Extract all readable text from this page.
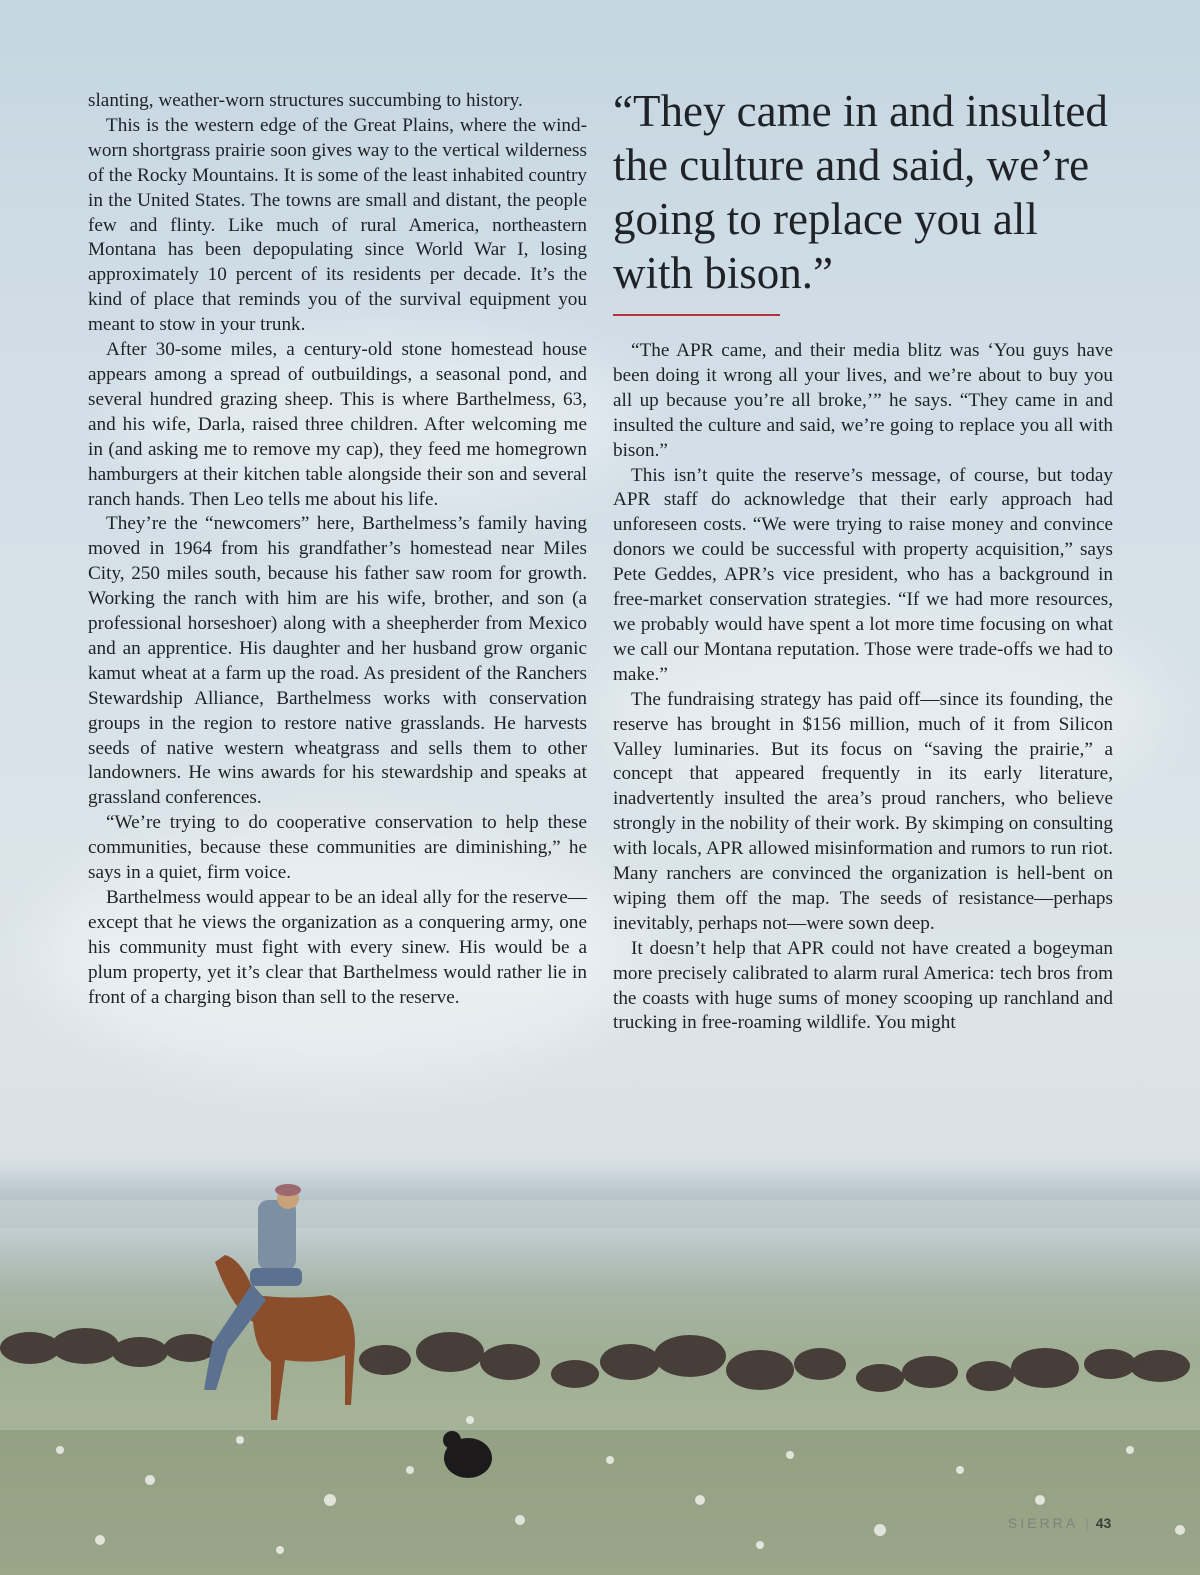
slanting, weather-worn structures succumbing to history.

This is the western edge of the Great Plains, where the wind-worn shortgrass prairie soon gives way to the vertical wilderness of the Rocky Mountains. It is some of the least inhabited country in the United States. The towns are small and distant, the people few and flinty. Like much of rural America, northeastern Montana has been depopulating since World War I, losing approximately 10 percent of its residents per decade. It’s the kind of place that reminds you of the survival equipment you meant to stow in your trunk.

After 30-some miles, a century-old stone homestead house appears among a spread of outbuildings, a seasonal pond, and several hundred grazing sheep. This is where Barthelmess, 63, and his wife, Darla, raised three children. After welcoming me in (and asking me to remove my cap), they feed me homegrown hamburgers at their kitchen table alongside their son and several ranch hands. Then Leo tells me about his life.

They’re the “newcomers” here, Barthelmess’s family having moved in 1964 from his grandfather’s homestead near Miles City, 250 miles south, because his father saw room for growth. Working the ranch with him are his wife, brother, and son (a professional horseshoer) along with a sheepherder from Mexico and an apprentice. His daughter and her husband grow organic kamut wheat at a farm up the road. As president of the Ranchers Stewardship Alliance, Barthelmess works with conservation groups in the region to restore native grasslands. He harvests seeds of native western wheatgrass and sells them to other landowners. He wins awards for his stewardship and speaks at grassland conferences.

“We’re trying to do cooperative conservation to help these communities, because these communities are diminishing,” he says in a quiet, firm voice.

Barthelmess would appear to be an ideal ally for the reserve—except that he views the organization as a conquering army, one his community must fight with every sinew. His would be a plum property, yet it’s clear that Barthelmess would rather lie in front of a charging bison than sell to the reserve.

“They came in and insulted the culture and said, we’re going to replace you all with bison.”

“The APR came, and their media blitz was ‘You guys have been doing it wrong all your lives, and we’re about to buy you all up because you’re all broke,’” he says. “They came in and insulted the culture and said, we’re going to replace you all with bison.”

This isn’t quite the reserve’s message, of course, but today APR staff do acknowledge that their early approach had unforeseen costs. “We were trying to raise money and convince donors we could be successful with property acquisition,” says Pete Geddes, APR’s vice president, who has a background in free-market conservation strategies. “If we had more resources, we probably would have spent a lot more time focusing on what we call our Montana reputation. Those were trade-offs we had to make.”

The fundraising strategy has paid off—since its founding, the reserve has brought in $156 million, much of it from Silicon Valley luminaries. But its focus on “saving the prairie,” a concept that appeared frequently in its early literature, inadvertently insulted the area’s proud ranchers, who believe strongly in the nobility of their work. By skimping on consulting with locals, APR allowed misinformation and rumors to run riot. Many ranchers are convinced the organization is hell-bent on wiping them off the map. The seeds of resistance—perhaps inevitably, perhaps not—were sown deep.

It doesn’t help that APR could not have created a bogeyman more precisely calibrated to alarm rural America: tech bros from the coasts with huge sums of money scooping up ranchland and trucking in free-roaming wildlife. You might

SIERRA | 43
